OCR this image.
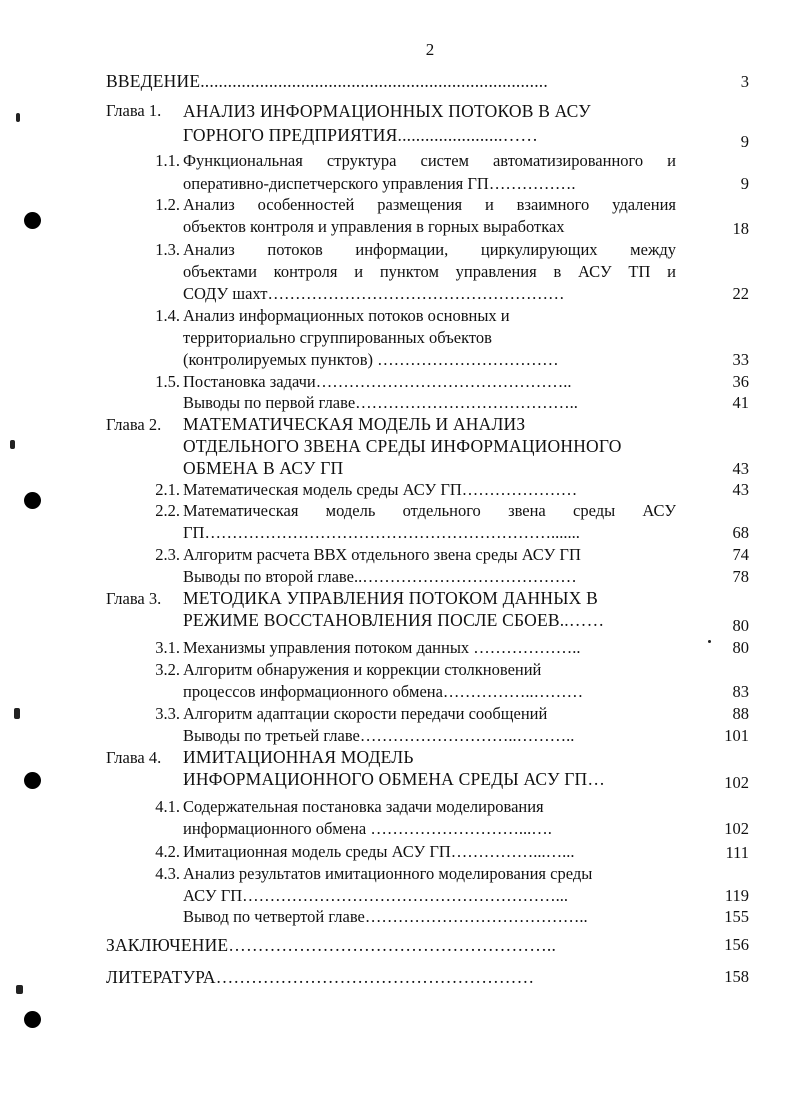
2
ВВЕДЕНИЕ............................................................................	3
Глава 1. АНАЛИЗ ИНФОРМАЦИОННЫХ ПОТОКОВ В АСУ
ГОРНОГО ПРЕДПРИЯТИЯ.......................……	9
1.1. Функциональная структура систем автоматизированного и
оперативно-диспетчерского управления ГП…………….	9
1.2. Анализ особенностей размещения и взаимного удаления
объектов контроля и управления в горных выработках	18
1.3. Анализ потоков информации, циркулирующих между
объектами контроля и пунктом управления в АСУ ТП и
СОДУ шахт………………………………………………	22
1.4. Анализ информационных потоков основных и
территориально сгруппированных объектов
(контролируемых пунктов) ……………………………	33
1.5. Постановка задачи………………………………………..	36
Выводы по первой главе…………………………………..	41
Глава 2. МАТЕМАТИЧЕСКАЯ МОДЕЛЬ И АНАЛИЗ
ОТДЕЛЬНОГО ЗВЕНА СРЕДЫ ИНФОРМАЦИОННОГО
ОБМЕНА В АСУ ГП	43
2.1. Математическая модель среды АСУ ГП…………………	43
2.2. Математическая модель отдельного звена среды АСУ
ГП……………………………………………………….......	68
2.3. Алгоритм расчета ВВХ отдельного звена среды АСУ ГП	74
Выводы по второй главе..…………………………………	78
Глава 3. МЕТОДИКА УПРАВЛЕНИЯ ПОТОКОМ ДАННЫХ В
РЕЖИМЕ ВОССТАНОВЛЕНИЯ ПОСЛЕ СБОЕВ..……	80
3.1. Механизмы управления потоком данных ………………..	80
3.2. Алгоритм обнаружения и коррекции столкновений
процессов информационного обмена……………..………	83
3.3. Алгоритм адаптации скорости передачи сообщений	88
Выводы по третьей главе………………………..………..	101
Глава 4. ИМИТАЦИОННАЯ МОДЕЛЬ
ИНФОРМАЦИОННОГО ОБМЕНА СРЕДЫ АСУ ГП…	102
4.1. Содержательная постановка задачи моделирования
информационного обмена ………………………...….	102
4.2. Имитационная модель среды АСУ ГП……………...…...	111
4.3. Анализ результатов имитационного моделирования среды
АСУ ГП…………………………………………………...	119
Вывод по четвертой главе…………………………………..	155
ЗАКЛЮЧЕНИЕ………………………………………………..	156
ЛИТЕРАТУРА………………………………………………	158
